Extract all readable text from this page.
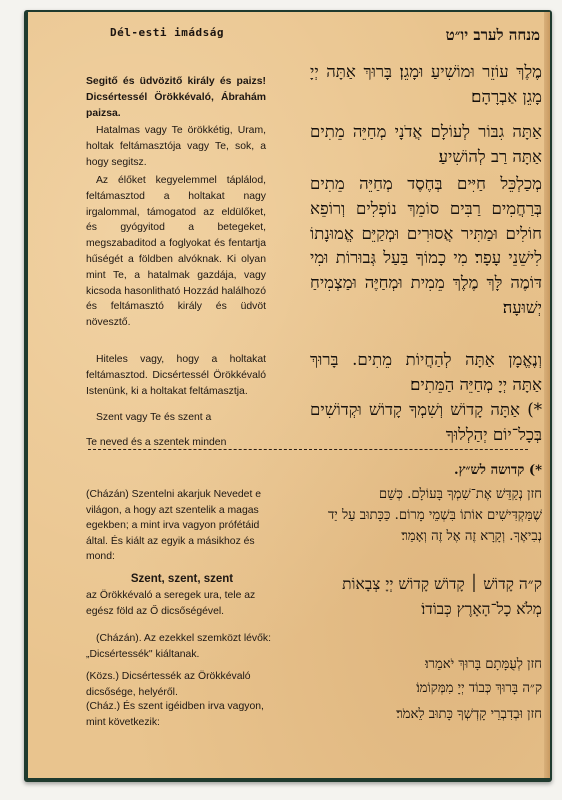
Dél-esti imádság	מנחה לערב יו״ט
Segitő és üdvözitő király és paizs! Dicsértessél Örökkévaló, Ábrahám paizsa.
Hatalmas vagy Te örökkétig, Uram, holtak feltámasztója vagy Te, sok, a hogy segitsz.
Az élőket kegyelemmel táplálod, feltámasztod a holtakat nagy irgalommal, támogatod az eldülőket, és gyógyitod a betegeket, megszabaditod a foglyokat és fentartja hűségét a földben alvóknak. Ki olyan mint Te, a hatalmak gazdája, vagy kicsoda hasonlitható Hozzád halálhozó és feltámasztó király és üdvöt növesztő.
Hiteles vagy, hogy a holtakat feltámasztod. Dicsértessél Örökkévaló Istenünk, ki a holtakat feltámasztja.
Szent vagy Te és szent a
Te neved és a szentek minden
מֶלֶךְ עוֹזֵר וּמוֹשִׁיעַ וּמָגֵן׃ בָּרוּךְ אַתָּה יְיָ מָגֵן אַבְרָהָם׃
אַתָּה גִבּוֹר לְעוֹלָם אֲדֹנָי מְחַיֵּה מֵתִים אַתָּה רַב לְהוֹשִׁיעַ׃
מְכַלְכֵּל חַיִּים בְּחֶסֶד מְחַיֵּה מֵתִים בְּרַחֲמִים רַבִּים סוֹמֵךְ נוֹפְלִים וְרוֹפֵא חוֹלִים וּמַתִּיר אֲסוּרִים וּמְקַיֵּם אֱמוּנָתוֹ לִישֵׁנֵי עָפָר׃ מִי כָמוֹךָ בַּעַל גְּבוּרוֹת וּמִי דּוֹמֶה לָּךְ מֶלֶךְ מֵמִית וּמְחַיֶּה וּמַצְמִיחַ יְשׁוּעָה׃
וְנֶאֱמָן אַתָּה לְהַחֲיוֹת מֵתִים. בָּרוּךְ אַתָּה יְיָ מְחַיֵּה הַמֵּתִים׃
*) אַתָּה קָדוֹשׁ וְשִׁמְךָ קָדוֹשׁ וּקְדוֹשִׁים בְּכָל־יוֹם יְהַלְלוּךָ
(Cházán) Szentelni akarjuk Nevedet e világon, a hogy azt szentelik a magas egekben; a mint irva vagyon prófétáid által. És kiált az egyik a másikhoz és mond:
Szent, szent, szent
az Örökkévaló a seregek ura, tele az egész föld az Ő dicsőségével.
(Cházán). Az ezekkel szemközt lévők: „Dicsértessék" kiáltanak.
(Közs.) Dicsértessék az Örökkévaló dicsősége, helyéről.
(Cház.) És szent igéidben irva vagyon, mint következik:
*) קדושה לש״ץ.
חזן נְקַדֵּשׁ אֶת־שִׁמְךָ בָּעוֹלָם. כְּשֵׁם שֶׁמַּקְדִּישִׁים אוֹתוֹ בִּשְׁמֵי מָרוֹם. כַּכָּתוּב עַל יַד נְבִיאֶךָ. וְקָרָא זֶה אֶל זֶה וְאָמַר׃
ק״ה קָדוֹשׁ ׀ קָדוֹשׁ קָדוֹשׁ יְיָ צְבָאוֹת מְלֹא כָל־הָאָרֶץ כְּבוֹדוֹ׃
חזן לְעֻמָּתָם בָּרוּךְ יֹאמֵרוּ׃
ק״ה בָּרוּךְ כְּבוֹד יְיָ מִמְּקוֹמוֹ׃
חזן וּבְדִבְרֵי קָדְשְׁךָ כָּתוּב לֵאמֹר׃
